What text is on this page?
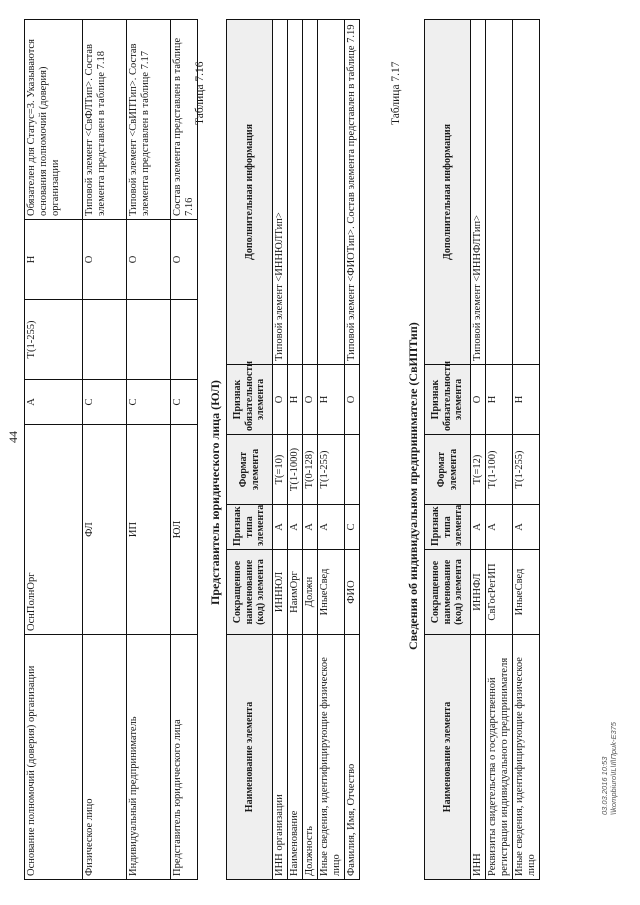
44
Основание полномочий (доверия) организации	ОснПолнОрг	А	Т(1-255)	Н	Обязателен для Статус=3. Указываются основания полномочий (доверия) организации
Физическое лицо	ФЛ	С		О	Типовой элемент <СвФЛТип>. Состав элемента представлен в таблице 7.18
Индивидуальный предприниматель	ИП	С		О	Типовой элемент <СвИПТип>. Состав элемента представлен в таблице 7.17
Представитель юридического лица	ЮЛ	С		О	Состав элемента представлен в таблице 7.16
Таблица 7.16
Представитель юридического лица (ЮЛ)
Наименование элемента	Сокращенное наименование (код) элемента	Признак типа элемента	Формат элемента	Признак обязательности элемента	Дополнительная информация
ИНН организации	ИННЮЛ	А	Т(=10)	О	Типовой элемент <ИННЮЛТип>
Наименование	НаимОрг	А	Т(1-1000)	Н	
Должность	Должн	А	Т(0-128)	О	
Иные сведения, идентифицирующие физическое лицо	ИныеСвед	А	Т(1-255)	Н	
Фамилия, Имя, Отчество	ФИО	С		О	Типовой элемент <ФИОТип>. Состав элемента представлен в таблице 7.19	Таблица 7.17
Сведения об индивидуальном предпринимателе (СвИПТип)
Наименование элемента	Сокращенное наименование (код) элемента	Признак типа элемента	Формат элемента	Признак обязательности элемента	Дополнительная информация
ИНН	ИННФЛ	А	Т(=12)	О	Типовой элемент <ИННФЛТип>
Реквизиты свидетельства о государственной регистрации индивидуального предпринимателя	СвГосРегИП	А	Т(1-100)	Н	
Иные сведения, идентифицирующие физическое лицо	ИныеСвед	А	Т(1-255)	Н	
03.03.2016 10:53 \\kompbiuro\IL\Il\Приk-E375
